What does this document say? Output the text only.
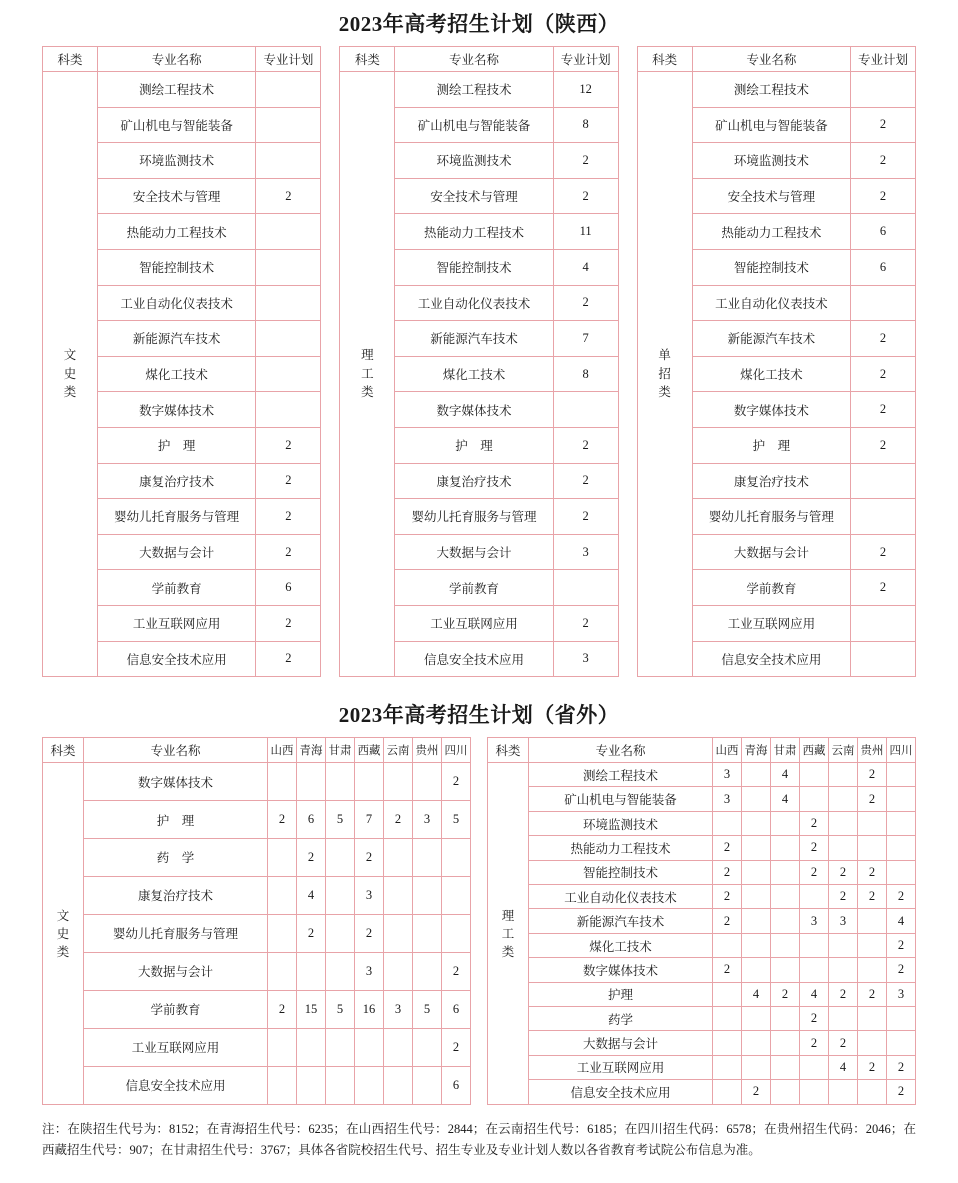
2023年高考招生计划（陕西）
科类	专业名称	专业计划
文
史
类	测绘工程技术	
	矿山机电与智能装备	
	环境监测技术	
	安全技术与管理	2
	热能动力工程技术	
	智能控制技术	
	工业自动化仪表技术	
	新能源汽车技术	
	煤化工技术	
	数字媒体技术	
	护　理	2
	康复治疗技术	2
	婴幼儿托育服务与管理	2
	大数据与会计	2
	学前教育	6
	工业互联网应用	2
	信息安全技术应用	2
科类	专业名称	专业计划
理
工
类	测绘工程技术	12
	矿山机电与智能装备	8
	环境监测技术	2
	安全技术与管理	2
	热能动力工程技术	11
	智能控制技术	4
	工业自动化仪表技术	2
	新能源汽车技术	7
	煤化工技术	8
	数字媒体技术	
	护　理	2
	康复治疗技术	2
	婴幼儿托育服务与管理	2
	大数据与会计	3
	学前教育	
	工业互联网应用	2
	信息安全技术应用	3
科类	专业名称	专业计划
单
招
类	测绘工程技术	
	矿山机电与智能装备	2
	环境监测技术	2
	安全技术与管理	2
	热能动力工程技术	6
	智能控制技术	6
	工业自动化仪表技术	
	新能源汽车技术	2
	煤化工技术	2
	数字媒体技术	2
	护　理	2
	康复治疗技术	
	婴幼儿托育服务与管理	
	大数据与会计	2
	学前教育	2
	工业互联网应用	
	信息安全技术应用	
2023年高考招生计划（省外）
科类	专业名称	山西	青海	甘肃	西藏	云南	贵州	四川
文
史
类	数字媒体技术							2
	护　理	2	6	5	7	2	3	5
	药　学		2		2			
	康复治疗技术		4		3			
	婴幼儿托育服务与管理		2		2			
	大数据与会计				3			2
	学前教育	2	15	5	16	3	5	6
	工业互联网应用							2
	信息安全技术应用							6
科类	专业名称	山西	青海	甘肃	西藏	云南	贵州	四川
理
工
类	测绘工程技术	3		4			2	
	矿山机电与智能装备	3		4			2	
	环境监测技术				2			
	热能动力工程技术	2			2			
	智能控制技术	2			2	2	2	
	工业自动化仪表技术	2				2	2	2
	新能源汽车技术	2			3	3		4
	煤化工技术							2
	数字媒体技术	2						2
	护理		4	2	4	2	2	3
	药学				2			
	大数据与会计				2	2		
	工业互联网应用					4	2	2
	信息安全技术应用		2					2
注：在陕招生代号为：8152；在青海招生代号：6235；在山西招生代号：2844；在云南招生代号：6185；在四川招生代码：6578；在贵州招生代码：2046；在西藏招生代号：907；在甘肃招生代号：3767；具体各省院校招生代号、招生专业及专业计划人数以各省教育考试院公布信息为准。
